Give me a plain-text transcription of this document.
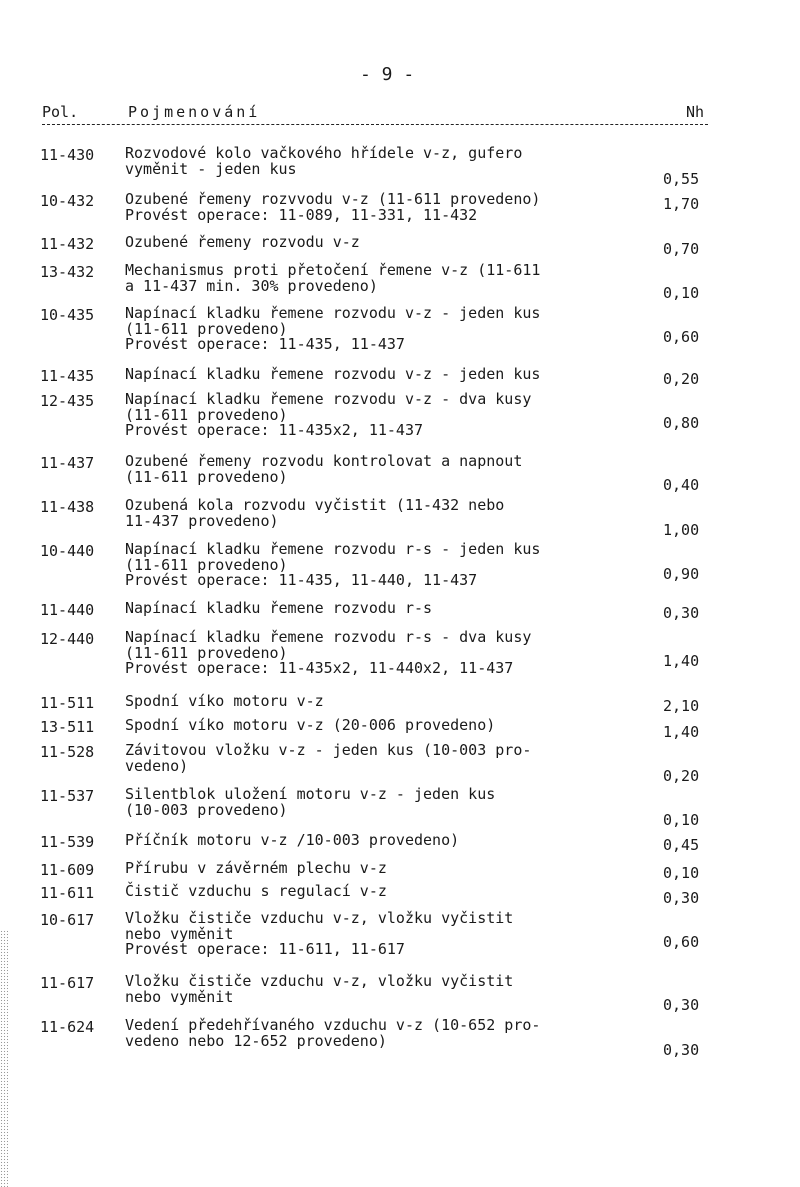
- 9 -
Pol.	Pojmenování	Nh
11-430 Rozvodové kolo vačkového hřídele v-z, gufero
vyměnit - jeden kus
0,55
10-432 Ozubené řemeny rozvvodu v-z (11-611 provedeno)
Provést operace: 11-089, 11-331, 11-432
1,70
11-432 Ozubené řemeny rozvodu v-z	0,70
13-432 Mechanismus proti přetočení řemene v-z (11-611
a 11-437 min. 30% provedeno)	0,10
10-435 Napínací kladku řemene rozvodu v-z - jeden kus
(11-611 provedeno)
Provést operace: 11-435, 11-437	0,60
11-435 Napínací kladku řemene rozvodu v-z - jeden kus	0,20
12-435 Napínací kladku řemene rozvodu v-z - dva kusy
(11-611 provedeno)
Provést operace: 11-435x2, 11-437	0,80
11-437 Ozubené řemeny rozvodu kontrolovat a napnout
(11-611 provedeno)	0,40
11-438 Ozubená kola rozvodu vyčistit (11-432 nebo
11-437 provedeno)
1,00
10-440 Napínací kladku řemene rozvodu r-s - jeden kus
(11-611 provedeno)
Provést operace: 11-435, 11-440, 11-437	0,90
11-440 Napínací kladku řemene rozvodu r-s	0,30
12-440 Napínací kladku řemene rozvodu r-s - dva kusy
(11-611 provedeno)
Provést operace: 11-435x2, 11-440x2, 11-437	1,40
11-511 Spodní víko motoru v-z	2,10
13-511 Spodní víko motoru v-z (20-006 provedeno)	1,40
11-528 Závitovou vložku v-z - jeden kus (10-003 pro-
vedeno)
0,20
11-537 Silentblok uložení motoru v-z - jeden kus
(10-003 provedeno)
0,10
11-539 Příčník motoru v-z /10-003 provedeno)	0,45
11-609 Přírubu v závěrném plechu v-z	0,10
11-611 Čistič vzduchu s regulací v-z	0,30
10-617 Vložku čističe vzduchu v-z, vložku vyčistit
nebo vyměnit
Provést operace: 11-611, 11-617	0,60
11-617 Vložku čističe vzduchu v-z, vložku vyčistit
nebo vyměnit	0,30
11-624 Vedení předehřívaného vzduchu v-z (10-652 pro-
vedeno nebo 12-652 provedeno)
0,30
